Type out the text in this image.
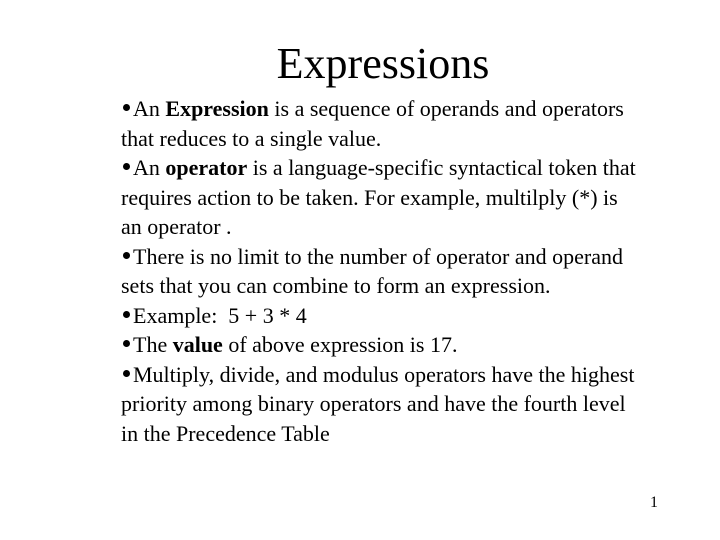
Expressions

An Expression is a sequence of operands and operators that reduces to a single value.

An operator is a language-specific syntactical token that requires action to be taken. For example, multilply (*) is an operator .

There is no limit to the number of operator and operand sets that you can combine to form an expression.

Example:  5 + 3 * 4

The value of above expression is 17.

Multiply, divide, and modulus operators have the highest priority among binary operators and have the fourth level in the Precedence Table

1
